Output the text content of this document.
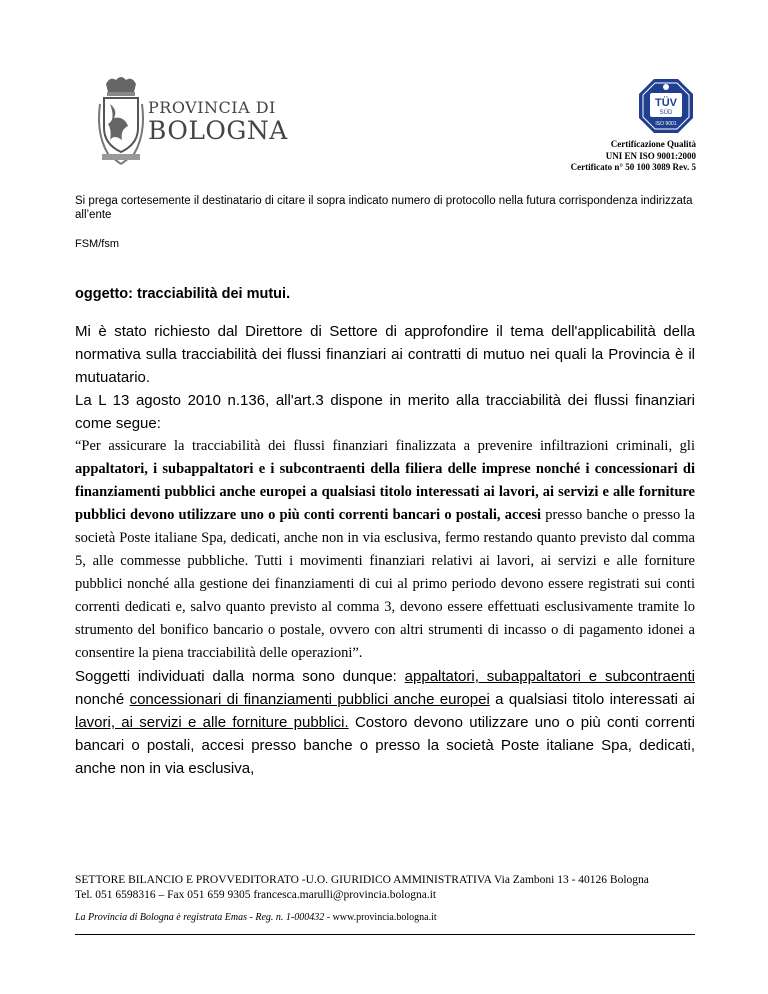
PROVINCIA DI
BOLOGNA
TÜV
SÜD
ISO 9001
Certificazione Qualità
UNI EN ISO 9001:2000
Certificato n° 50 100 3089 Rev. 5
Si prega cortesemente il destinatario di citare il sopra indicato numero di protocollo nella futura corrispondenza indirizzata all’ente
FSM/fsm
oggetto: tracciabilità dei mutui.

Mi è stato richiesto dal Direttore di Settore di approfondire il tema dell'applicabilità della normativa sulla tracciabilità dei flussi finanziari ai contratti di mutuo nei quali la Provincia è il mutuatario.

La L 13 agosto 2010 n.136, all'art.3 dispone in merito alla tracciabilità dei flussi finanziari come segue:

“Per assicurare la tracciabilità dei flussi finanziari finalizzata a prevenire infiltrazioni criminali, gli appaltatori, i subappaltatori e i subcontraenti della filiera delle imprese nonché i concessionari di finanziamenti pubblici anche europei a qualsiasi titolo interessati ai lavori, ai servizi e alle forniture pubblici devono utilizzare uno o più conti correnti bancari o postali, accesi presso banche o presso la società Poste italiane Spa, dedicati, anche non in via esclusiva, fermo restando quanto previsto dal comma 5, alle commesse pubbliche. Tutti i movimenti finanziari relativi ai lavori, ai servizi e alle forniture pubblici nonché alla gestione dei finanziamenti di cui al primo periodo devono essere registrati sui conti correnti dedicati e, salvo quanto previsto al comma 3, devono essere effettuati esclusivamente tramite lo strumento del bonifico bancario o postale, ovvero con altri strumenti di incasso o di pagamento idonei a consentire la piena tracciabilità delle operazioni”.

Soggetti individuati dalla norma sono dunque: appaltatori, subappaltatori e subcontraenti nonché concessionari di finanziamenti pubblici anche europei a qualsiasi titolo interessati ai lavori, ai servizi e alle forniture pubblici. Costoro devono utilizzare uno o più conti correnti bancari o postali, accesi presso banche o presso la società Poste italiane Spa, dedicati, anche non in via esclusiva,

SETTORE BILANCIO E PROVVEDITORATO -U.O. GIURIDICO AMMINISTRATIVA Via Zamboni 13 - 40126 Bologna
Tel. 051 6598316 – Fax 051 659 9305 francesca.marulli@provincia.bologna.it
La Provincia di Bologna è registrata Emas - Reg. n. 1-000432 - www.provincia.bologna.it
